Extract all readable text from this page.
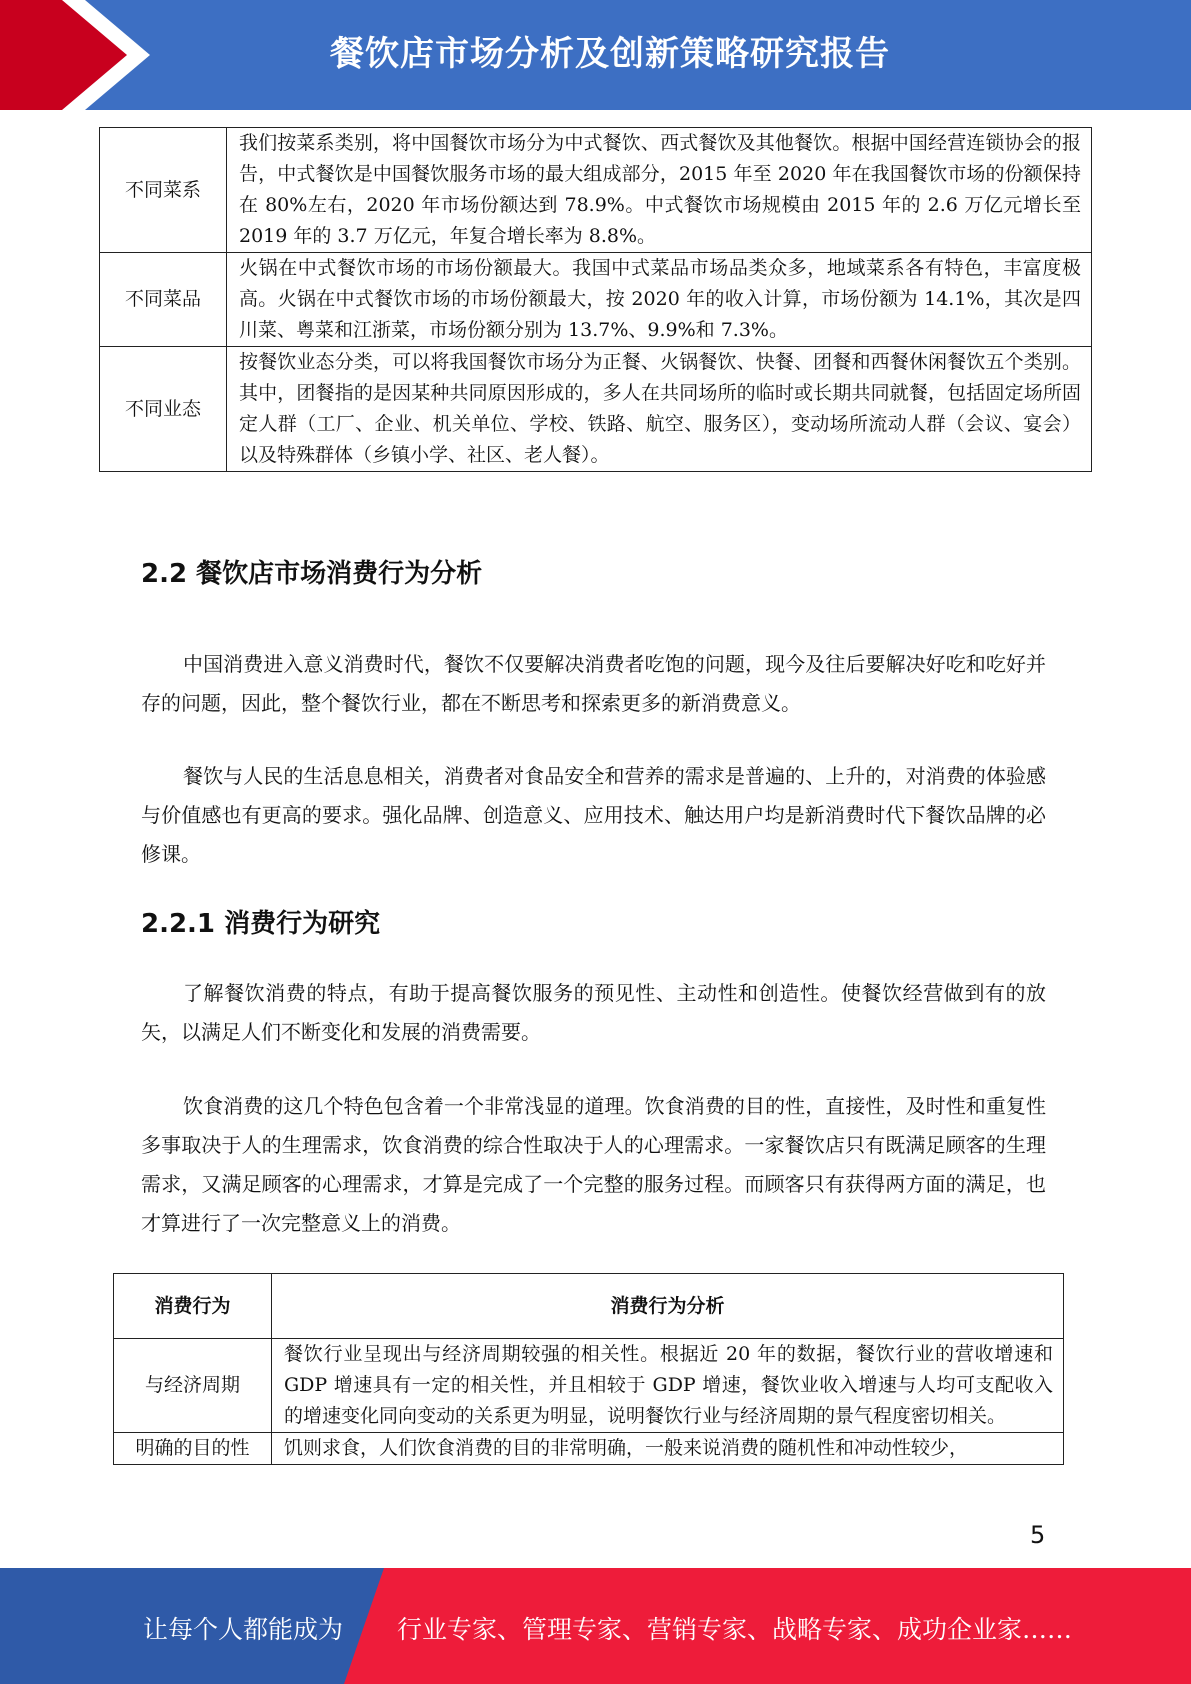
餐饮店市场分析及创新策略研究报告
不同菜系	我们按菜系类别，将中国餐饮市场分为中式餐饮、西式餐饮及其他餐饮。根据中国经营连锁协会的报告，中式餐饮是中国餐饮服务市场的最大组成部分，2015 年至 2020 年在我国餐饮市场的份额保持在 80%左右，2020 年市场份额达到 78.9%。中式餐饮市场规模由 2015 年的 2.6 万亿元增长至 2019 年的 3.7 万亿元，年复合增长率为 8.8%。
不同菜品	火锅在中式餐饮市场的市场份额最大。我国中式菜品市场品类众多，地域菜系各有特色，丰富度极高。火锅在中式餐饮市场的市场份额最大，按 2020 年的收入计算，市场份额为 14.1%，其次是四川菜、粤菜和江浙菜，市场份额分别为 13.7%、9.9%和 7.3%。
不同业态	按餐饮业态分类，可以将我国餐饮市场分为正餐、火锅餐饮、快餐、团餐和西餐休闲餐饮五个类别。其中，团餐指的是因某种共同原因形成的，多人在共同场所的临时或长期共同就餐，包括固定场所固定人群（工厂、企业、机关单位、学校、铁路、航空、服务区），变动场所流动人群（会议、宴会）以及特殊群体（乡镇小学、社区、老人餐）。
2.2 餐饮店市场消费行为分析

中国消费进入意义消费时代，餐饮不仅要解决消费者吃饱的问题，现今及往后要解决好吃和吃好并存的问题，因此，整个餐饮行业，都在不断思考和探索更多的新消费意义。

餐饮与人民的生活息息相关，消费者对食品安全和营养的需求是普遍的、上升的，对消费的体验感与价值感也有更高的要求。强化品牌、创造意义、应用技术、触达用户均是新消费时代下餐饮品牌的必修课。

2.2.1 消费行为研究

了解餐饮消费的特点，有助于提高餐饮服务的预见性、主动性和创造性。使餐饮经营做到有的放矢，以满足人们不断变化和发展的消费需要。

饮食消费的这几个特色包含着一个非常浅显的道理。饮食消费的目的性，直接性，及时性和重复性多事取决于人的生理需求，饮食消费的综合性取决于人的心理需求。一家餐饮店只有既满足顾客的生理需求，又满足顾客的心理需求，才算是完成了一个完整的服务过程。而顾客只有获得两方面的满足，也才算进行了一次完整意义上的消费。

消费行为	消费行为分析
与经济周期	餐饮行业呈现出与经济周期较强的相关性。根据近 20 年的数据，餐饮行业的营收增速和 GDP 增速具有一定的相关性，并且相较于 GDP 增速，餐饮业收入增速与人均可支配收入的增速变化同向变动的关系更为明显，说明餐饮行业与经济周期的景气程度密切相关。
明确的目的性	饥则求食，人们饮食消费的目的非常明确，一般来说消费的随机性和冲动性较少，
5
让每个人都能成为 行业专家、管理专家、营销专家、战略专家、成功企业家……
